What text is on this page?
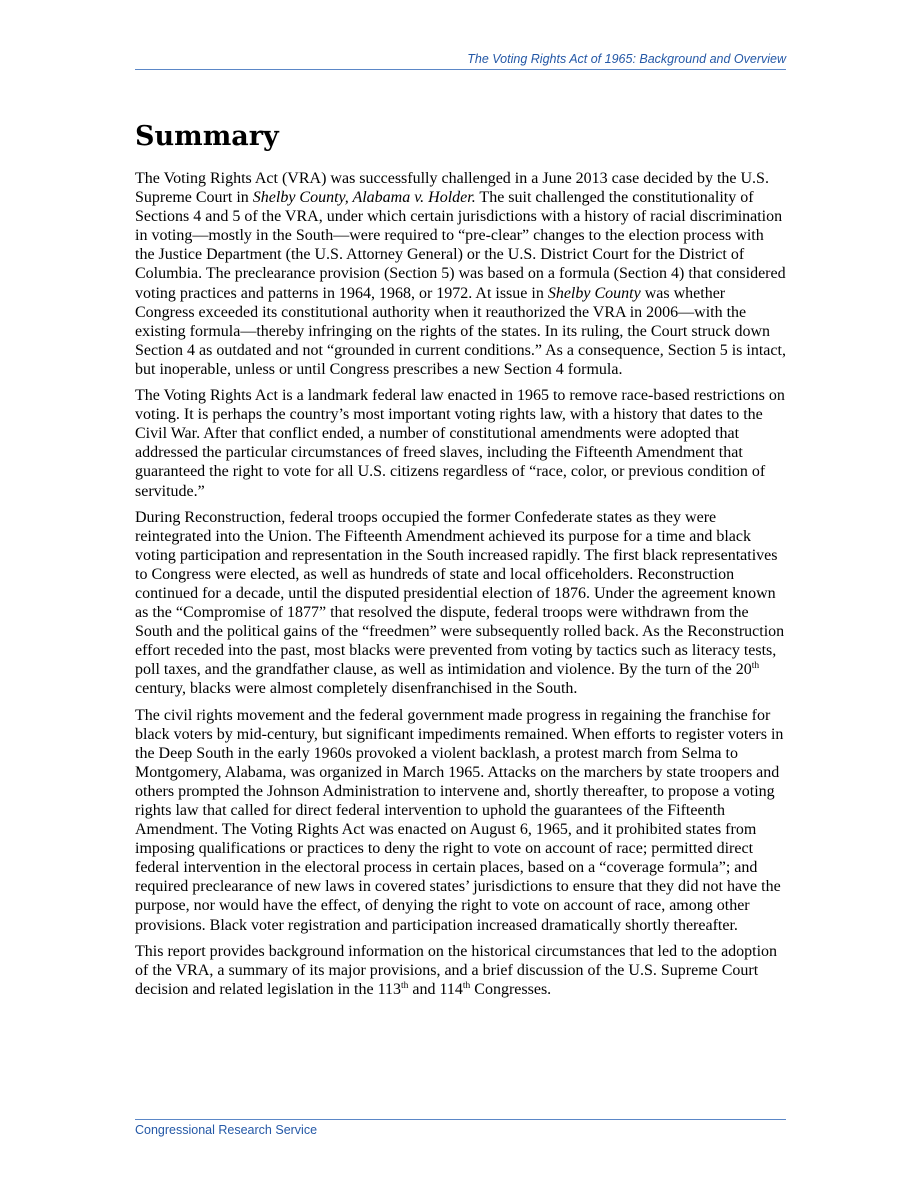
The Voting Rights Act of 1965: Background and Overview
Summary

The Voting Rights Act (VRA) was successfully challenged in a June 2013 case decided by the U.S. Supreme Court in Shelby County, Alabama v. Holder. The suit challenged the constitutionality of Sections 4 and 5 of the VRA, under which certain jurisdictions with a history of racial discrimination in voting—mostly in the South—were required to “pre-clear” changes to the election process with the Justice Department (the U.S. Attorney General) or the U.S. District Court for the District of Columbia. The preclearance provision (Section 5) was based on a formula (Section 4) that considered voting practices and patterns in 1964, 1968, or 1972. At issue in Shelby County was whether Congress exceeded its constitutional authority when it reauthorized the VRA in 2006—with the existing formula—thereby infringing on the rights of the states. In its ruling, the Court struck down Section 4 as outdated and not “grounded in current conditions.” As a consequence, Section 5 is intact, but inoperable, unless or until Congress prescribes a new Section 4 formula.

The Voting Rights Act is a landmark federal law enacted in 1965 to remove race-based restrictions on voting. It is perhaps the country’s most important voting rights law, with a history that dates to the Civil War. After that conflict ended, a number of constitutional amendments were adopted that addressed the particular circumstances of freed slaves, including the Fifteenth Amendment that guaranteed the right to vote for all U.S. citizens regardless of “race, color, or previous condition of servitude.”

During Reconstruction, federal troops occupied the former Confederate states as they were reintegrated into the Union. The Fifteenth Amendment achieved its purpose for a time and black voting participation and representation in the South increased rapidly. The first black representatives to Congress were elected, as well as hundreds of state and local officeholders. Reconstruction continued for a decade, until the disputed presidential election of 1876. Under the agreement known as the “Compromise of 1877” that resolved the dispute, federal troops were withdrawn from the South and the political gains of the “freedmen” were subsequently rolled back. As the Reconstruction effort receded into the past, most blacks were prevented from voting by tactics such as literacy tests, poll taxes, and the grandfather clause, as well as intimidation and violence. By the turn of the 20th century, blacks were almost completely disenfranchised in the South.

The civil rights movement and the federal government made progress in regaining the franchise for black voters by mid-century, but significant impediments remained. When efforts to register voters in the Deep South in the early 1960s provoked a violent backlash, a protest march from Selma to Montgomery, Alabama, was organized in March 1965. Attacks on the marchers by state troopers and others prompted the Johnson Administration to intervene and, shortly thereafter, to propose a voting rights law that called for direct federal intervention to uphold the guarantees of the Fifteenth Amendment. The Voting Rights Act was enacted on August 6, 1965, and it prohibited states from imposing qualifications or practices to deny the right to vote on account of race; permitted direct federal intervention in the electoral process in certain places, based on a “coverage formula”; and required preclearance of new laws in covered states’ jurisdictions to ensure that they did not have the purpose, nor would have the effect, of denying the right to vote on account of race, among other provisions. Black voter registration and participation increased dramatically shortly thereafter.

This report provides background information on the historical circumstances that led to the adoption of the VRA, a summary of its major provisions, and a brief discussion of the U.S. Supreme Court decision and related legislation in the 113th and 114th Congresses.

Congressional Research Service
